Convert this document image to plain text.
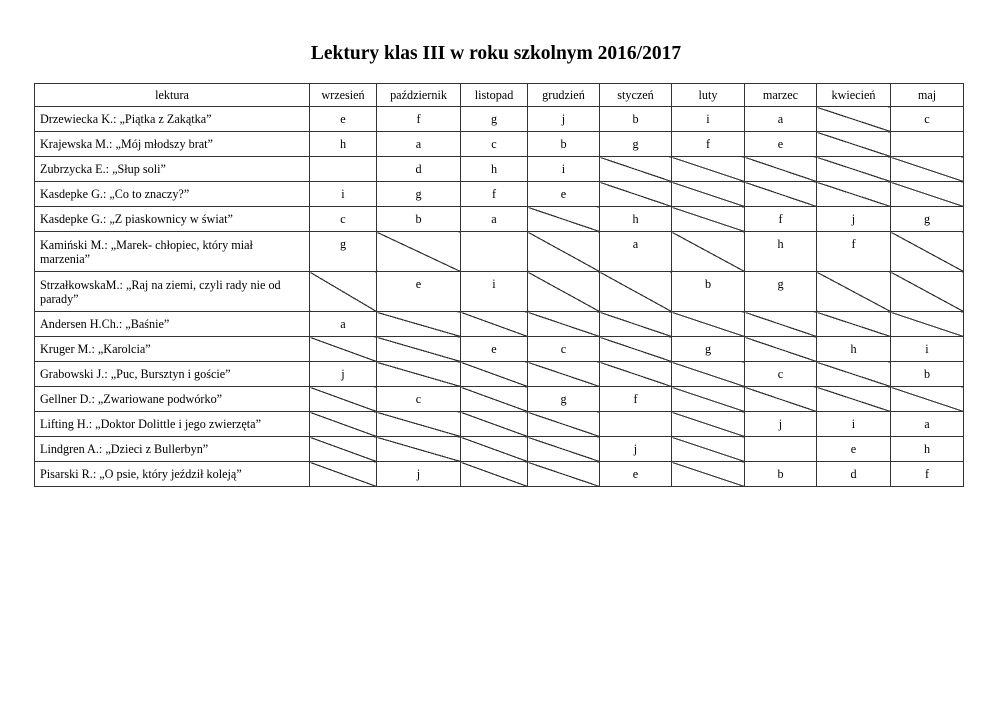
Lektury klas III w roku szkolnym 2016/2017
lektura	wrzesień	październik	listopad	grudzień	styczeń	luty	marzec	kwiecień	maj
Drzewiecka K.: „Piątka z Zakątka”	e	f	g	j	b	i	a		c
Krajewska M.: „Mój młodszy brat”	h	a	c	b	g	f	e		
Zubrzycka E.: „Słup soli”		d	h	i					
Kasdepke G.: „Co to znaczy?”	i	g	f	e					
Kasdepke G.: „Z piaskownicy w świat”	c	b	a		h		f	j	g
Kamiński M.: „Marek- chłopiec, który miał marzenia”	g				a		h	f	
StrzałkowskaM.: „Raj na ziemi, czyli rady nie od parady”		e	i			b	g		
Andersen H.Ch.: „Baśnie”	a								
Kruger M.: „Karolcia”			e	c		g		h	i
Grabowski J.: „Puc, Bursztyn i goście”	j						c		b
Gellner D.: „Zwariowane podwórko”		c		g	f				
Lifting H.: „Doktor Dolittle i jego zwierzęta”							j	i	a
Lindgren A.: „Dzieci z Bullerbyn”					j			e	h
Pisarski R.: „O psie, który jeździł koleją”		j			e		b	d	f
